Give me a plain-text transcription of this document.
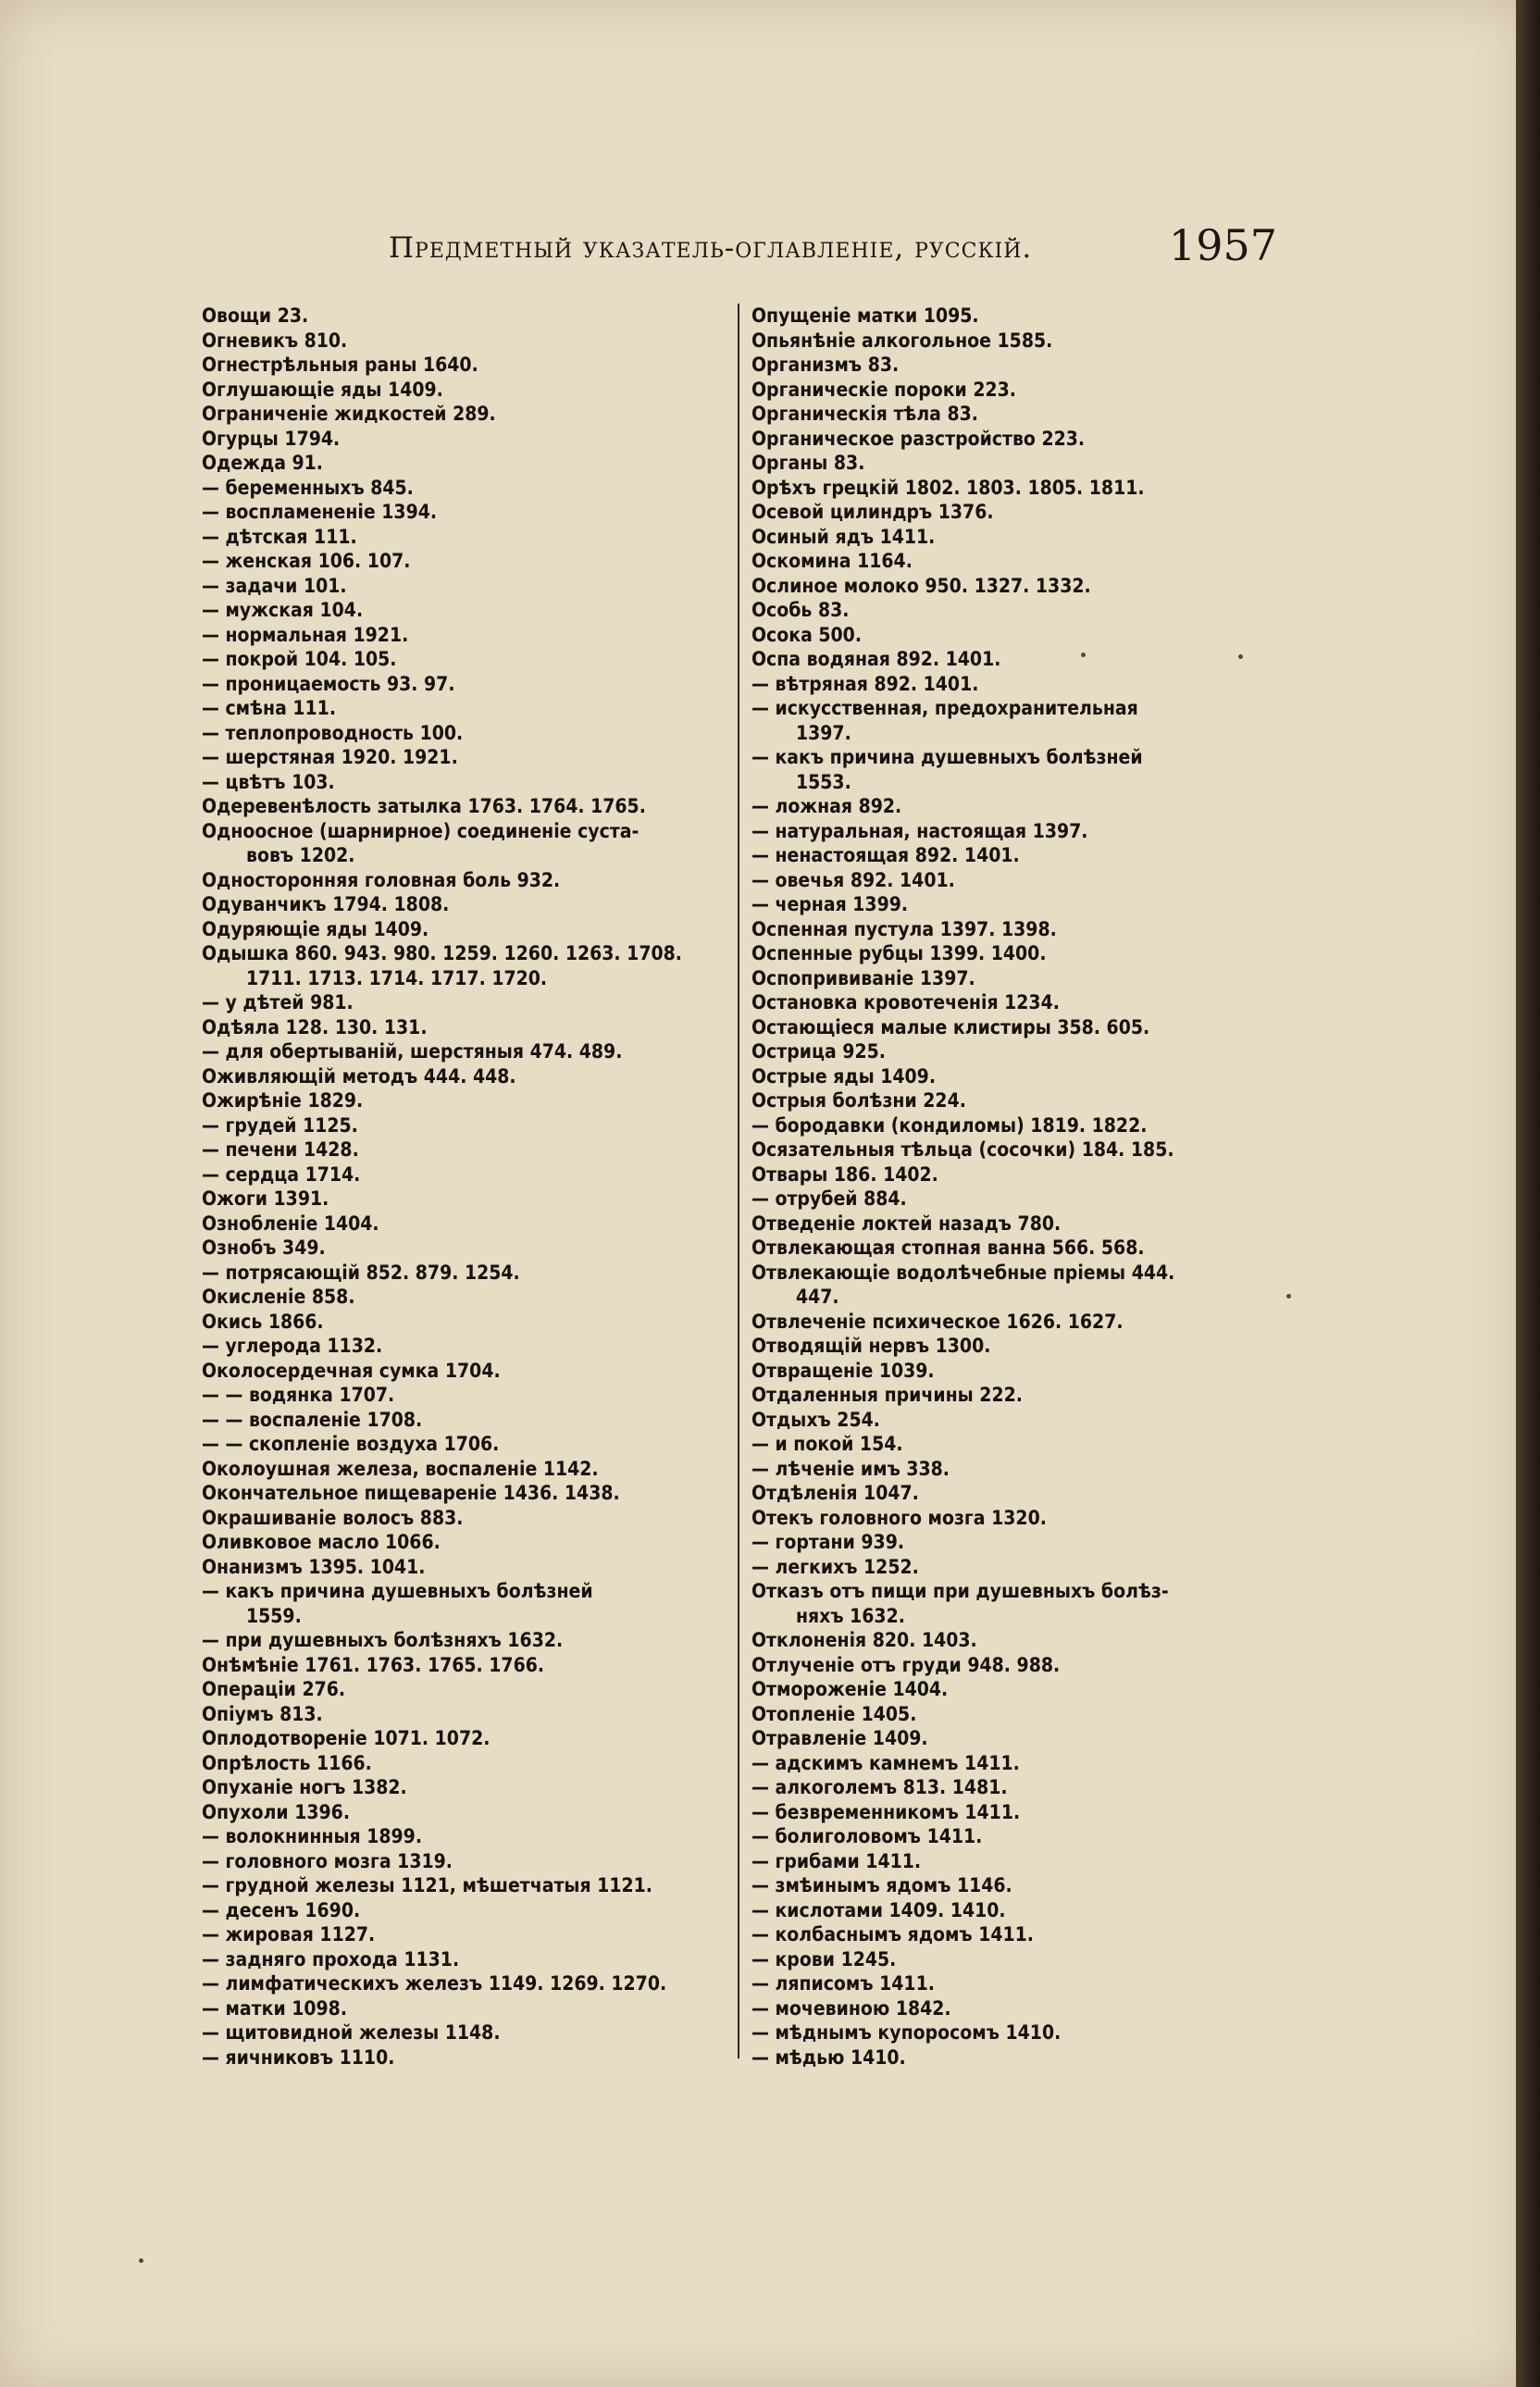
Предметный указатель-оглавленіе, русскій.	1957
Овощи 23.
Огневикъ 810.
Огнестрѣльныя раны 1640.
Оглушающіе яды 1409.
Ограниченіе жидкостей 289.
Огурцы 1794.
Одежда 91.
— беременныхъ 845.
— воспламененіе 1394.
— дѣтская 111.
— женская 106. 107.
— задачи 101.
— мужская 104.
— нормальная 1921.
— покрой 104. 105.
— проницаемость 93. 97.
— смѣна 111.
— теплопроводность 100.
— шерстяная 1920. 1921.
— цвѣтъ 103.
Одеревенѣлость затылка 1763. 1764. 1765.
Одноосное (шарнирное) соединеніе суста-
вовъ 1202.
Односторонняя головная боль 932.
Одуванчикъ 1794. 1808.
Одуряющіе яды 1409.
Одышка 860. 943. 980. 1259. 1260. 1263. 1708.
1711. 1713. 1714. 1717. 1720.
— у дѣтей 981.
Одѣяла 128. 130. 131.
— для обертываній, шерстяныя 474. 489.
Оживляющій методъ 444. 448.
Ожирѣніе 1829.
— грудей 1125.
— печени 1428.
— сердца 1714.
Ожоги 1391.
Ознобленіе 1404.
Ознобъ 349.
— потрясающій 852. 879. 1254.
Окисленіе 858.
Окись 1866.
— углерода 1132.
Околосердечная сумка 1704.
— — водянка 1707.
— — воспаленіе 1708.
— — скопленіе воздуха 1706.
Околоушная железа, воспаленіе 1142.
Окончательное пищевареніе 1436. 1438.
Окрашиваніе волосъ 883.
Оливковое масло 1066.
Онанизмъ 1395. 1041.
— какъ причина душевныхъ болѣзней
1559.
— при душевныхъ болѣзняхъ 1632.
Онѣмѣніе 1761. 1763. 1765. 1766.
Операціи 276.
Опіумъ 813.
Оплодотвореніе 1071. 1072.
Опрѣлость 1166.
Опуханіе ногъ 1382.
Опухоли 1396.
— волокнинныя 1899.
— головного мозга 1319.
— грудной железы 1121, мѣшетчатыя 1121.
— десенъ 1690.
— жировая 1127.
— задняго прохода 1131.
— лимфатическихъ железъ 1149. 1269. 1270.
— матки 1098.
— щитовидной железы 1148.
— яичниковъ 1110.
Опущеніе матки 1095.
Опьянѣніе алкогольное 1585.
Организмъ 83.
Органическіе пороки 223.
Органическія тѣла 83.
Органическое разстройство 223.
Органы 83.
Орѣхъ грецкій 1802. 1803. 1805. 1811.
Осевой цилиндръ 1376.
Осиный ядъ 1411.
Оскомина 1164.
Ослиное молоко 950. 1327. 1332.
Особь 83.
Осока 500.
Оспа водяная 892. 1401.
— вѣтряная 892. 1401.
— искусственная, предохранительная
1397.
— какъ причина душевныхъ болѣзней
1553.
— ложная 892.
— натуральная, настоящая 1397.
— ненастоящая 892. 1401.
— овечья 892. 1401.
— черная 1399.
Оспенная пустула 1397. 1398.
Оспенные рубцы 1399. 1400.
Оспопрививаніе 1397.
Остановка кровотеченія 1234.
Остающіеся малые клистиры 358. 605.
Острица 925.
Острые яды 1409.
Острыя болѣзни 224.
— бородавки (кондиломы) 1819. 1822.
Осязательныя тѣльца (сосочки) 184. 185.
Отвары 186. 1402.
— отрубей 884.
Отведеніе локтей назадъ 780.
Отвлекающая стопная ванна 566. 568.
Отвлекающіе водолѣчебные пріемы 444.
447.
Отвлеченіе психическое 1626. 1627.
Отводящій нервъ 1300.
Отвращеніе 1039.
Отдаленныя причины 222.
Отдыхъ 254.
— и покой 154.
— лѣченіе имъ 338.
Отдѣленія 1047.
Отекъ головного мозга 1320.
— гортани 939.
— легкихъ 1252.
Отказъ отъ пищи при душевныхъ болѣз-
няхъ 1632.
Отклоненія 820. 1403.
Отлученіе отъ груди 948. 988.
Отмороженіе 1404.
Отопленіе 1405.
Отравленіе 1409.
— адскимъ камнемъ 1411.
— алкоголемъ 813. 1481.
— безвременникомъ 1411.
— болиголовомъ 1411.
— грибами 1411.
— змѣинымъ ядомъ 1146.
— кислотами 1409. 1410.
— колбаснымъ ядомъ 1411.
— крови 1245.
— ляписомъ 1411.
— мочевиною 1842.
— мѣднымъ купоросомъ 1410.
— мѣдью 1410.
